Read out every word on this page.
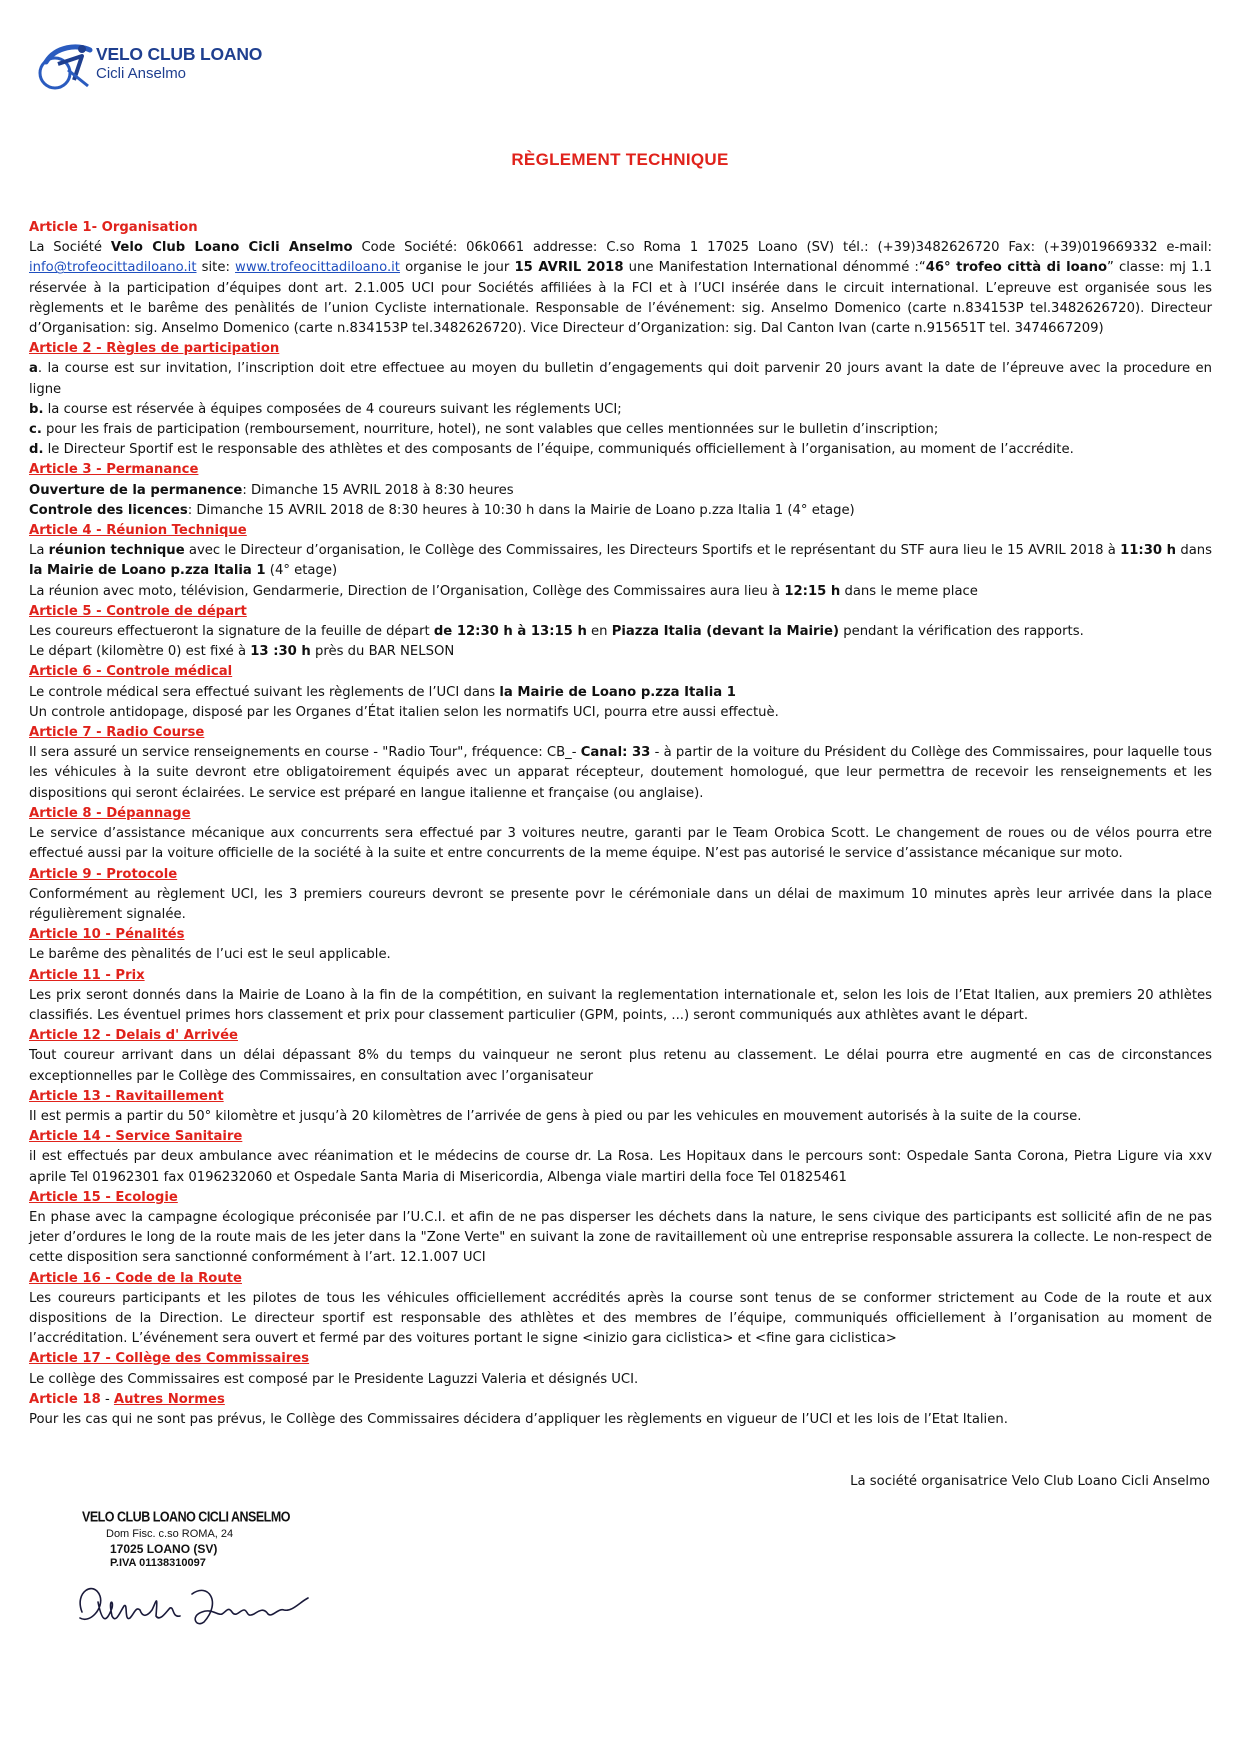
VELO CLUB LOANO
Cicli Anselmo
RÈGLEMENT TECHNIQUE
Article 1- Organisation

La Société Velo Club Loano Cicli Anselmo Code Société: 06k0661 addresse: C.so Roma 1 17025 Loano (SV) tél.: (+39)3482626720 Fax: (+39)019669332 e-mail: info@trofeocittadiloano.it site: www.trofeocittadiloano.it organise le jour 15 AVRIL 2018 une Manifestation International dénommé :“46° trofeo città di loano” classe: mj 1.1 réservée à la participation d’équipes dont art. 2.1.005 UCI pour Sociétés affiliées à la FCI et à l’UCI insérée dans le circuit international. L’epreuve est organisée sous les règlements et le barême des penàlités de l’union Cycliste internationale. Responsable de l’événement: sig. Anselmo Domenico (carte n.834153P tel.3482626720). Directeur d’Organisation: sig. Anselmo Domenico (carte n.834153P tel.3482626720). Vice Directeur d’Organization: sig. Dal Canton Ivan (carte n.915651T tel. 3474667209)

Article 2 - Règles de participation

a. la course est sur invitation, l’inscription doit etre effectuee au moyen du bulletin d’engagements qui doit parvenir 20 jours avant la date de l’épreuve avec la procedure en ligne

b. la course est réservée à équipes composées de 4 coureurs suivant les réglements UCI;

c. pour les frais de participation (remboursement, nourriture, hotel), ne sont valables que celles mentionnées sur le bulletin d’inscription;

d. le Directeur Sportif est le responsable des athlètes et des composants de l’équipe, communiqués officiellement à l’organisation, au moment de l’accrédite.

Article 3 - Permanance

Ouverture de la permanence: Dimanche 15 AVRIL 2018 à 8:30 heures

Controle des licences: Dimanche 15 AVRIL 2018 de 8:30 heures à 10:30 h dans la Mairie de Loano p.zza Italia 1 (4° etage)

Article 4 - Réunion Technique

La réunion technique avec le Directeur d’organisation, le Collège des Commissaires, les Directeurs Sportifs et le représentant du STF aura lieu le 15 AVRIL 2018 à 11:30 h dans la Mairie de Loano p.zza Italia 1 (4° etage)

La réunion avec moto, télévision, Gendarmerie, Direction de l’Organisation, Collège des Commissaires aura lieu à 12:15 h dans le meme place

Article 5 - Controle de départ

Les coureurs effectueront la signature de la feuille de départ de 12:30 h à 13:15 h en Piazza Italia (devant la Mairie) pendant la vérification des rapports.

Le départ (kilomètre 0) est fixé à 13 :30 h près du BAR NELSON

Article 6 - Controle médical

Le controle médical sera effectué suivant les règlements de l’UCI dans la Mairie de Loano p.zza Italia 1

Un controle antidopage, disposé par les Organes d’État italien selon les normatifs UCI, pourra etre aussi effectuè.

Article 7 - Radio Course

Il sera assuré un service renseignements en course - "Radio Tour", fréquence: CB_- Canal: 33 - à partir de la voiture du Président du Collège des Commissaires, pour laquelle tous les véhicules à la suite devront etre obligatoirement équipés avec un apparat récepteur, doutement homologué, que leur permettra de recevoir les renseignements et les dispositions qui seront éclairées. Le service est préparé en langue italienne et française (ou anglaise).

Article 8 - Dépannage

Le service d’assistance mécanique aux concurrents sera effectué par 3 voitures neutre, garanti par le Team Orobica Scott. Le changement de roues ou de vélos pourra etre effectué aussi par la voiture officielle de la société à la suite et entre concurrents de la meme équipe. N’est pas autorisé le service d’assistance mécanique sur moto.

Article 9 - Protocole

Conformément au règlement UCI, les 3 premiers coureurs devront se presente povr le cérémoniale dans un délai de maximum 10 minutes après leur arrivée dans la place régulièrement signalée.

Article 10 - Pénalités

Le barême des pènalités de l’uci est le seul applicable.

Article 11 - Prix

Les prix seront donnés dans la Mairie de Loano à la fin de la compétition, en suivant la reglementation internationale et, selon les lois de l’Etat Italien, aux premiers 20 athlètes classifiés. Les éventuel primes hors classement et prix pour classement particulier (GPM, points, ...) seront communiqués aux athlètes avant le départ.

Article 12 - Delais d' Arrivée

Tout coureur arrivant dans un délai dépassant 8% du temps du vainqueur ne seront plus retenu au classement. Le délai pourra etre augmenté en cas de circonstances exceptionnelles par le Collège des Commissaires, en consultation avec l’organisateur

Article 13 - Ravitaillement

Il est permis a partir du 50° kilomètre et jusqu’à 20 kilomètres de l’arrivée de gens à pied ou par les vehicules en mouvement autorisés à la suite de la course.

Article 14 - Service Sanitaire

il est effectués par deux ambulance avec réanimation et le médecins de course dr. La Rosa. Les Hopitaux dans le percours sont: Ospedale Santa Corona, Pietra Ligure via xxv aprile Tel 01962301 fax 0196232060 et Ospedale Santa Maria di Misericordia, Albenga viale martiri della foce Tel 01825461

Article 15 - Ecologie

En phase avec la campagne écologique préconisée par l’U.C.I. et afin de ne pas disperser les déchets dans la nature, le sens civique des participants est sollicité afin de ne pas jeter d’ordures le long de la route mais de les jeter dans la "Zone Verte" en suivant la zone de ravitaillement où une entreprise responsable assurera la collecte. Le non-respect de cette disposition sera sanctionné conformément à l’art. 12.1.007 UCI

Article 16 - Code de la Route

Les coureurs participants et les pilotes de tous les véhicules officiellement accrédités après la course sont tenus de se conformer strictement au Code de la route et aux dispositions de la Direction. Le directeur sportif est responsable des athlètes et des membres de l’équipe, communiqués officiellement à l’organisation au moment de l’accréditation. L’événement sera ouvert et fermé par des voitures portant le signe <inizio gara ciclistica> et <fine gara ciclistica>

Article 17 - Collège des Commissaires

Le collège des Commissaires est composé par le Presidente Laguzzi Valeria et désignés UCI.

Article 18 - Autres Normes

Pour les cas qui ne sont pas prévus, le Collège des Commissaires décidera d’appliquer les règlements en vigueur de l’UCI et les lois de l’Etat Italien.

La société organisatrice Velo Club Loano Cicli Anselmo
VELO CLUB LOANO CICLI ANSELMO
Dom Fisc. c.so ROMA, 24
17025 LOANO (SV)
P.IVA 01138310097
